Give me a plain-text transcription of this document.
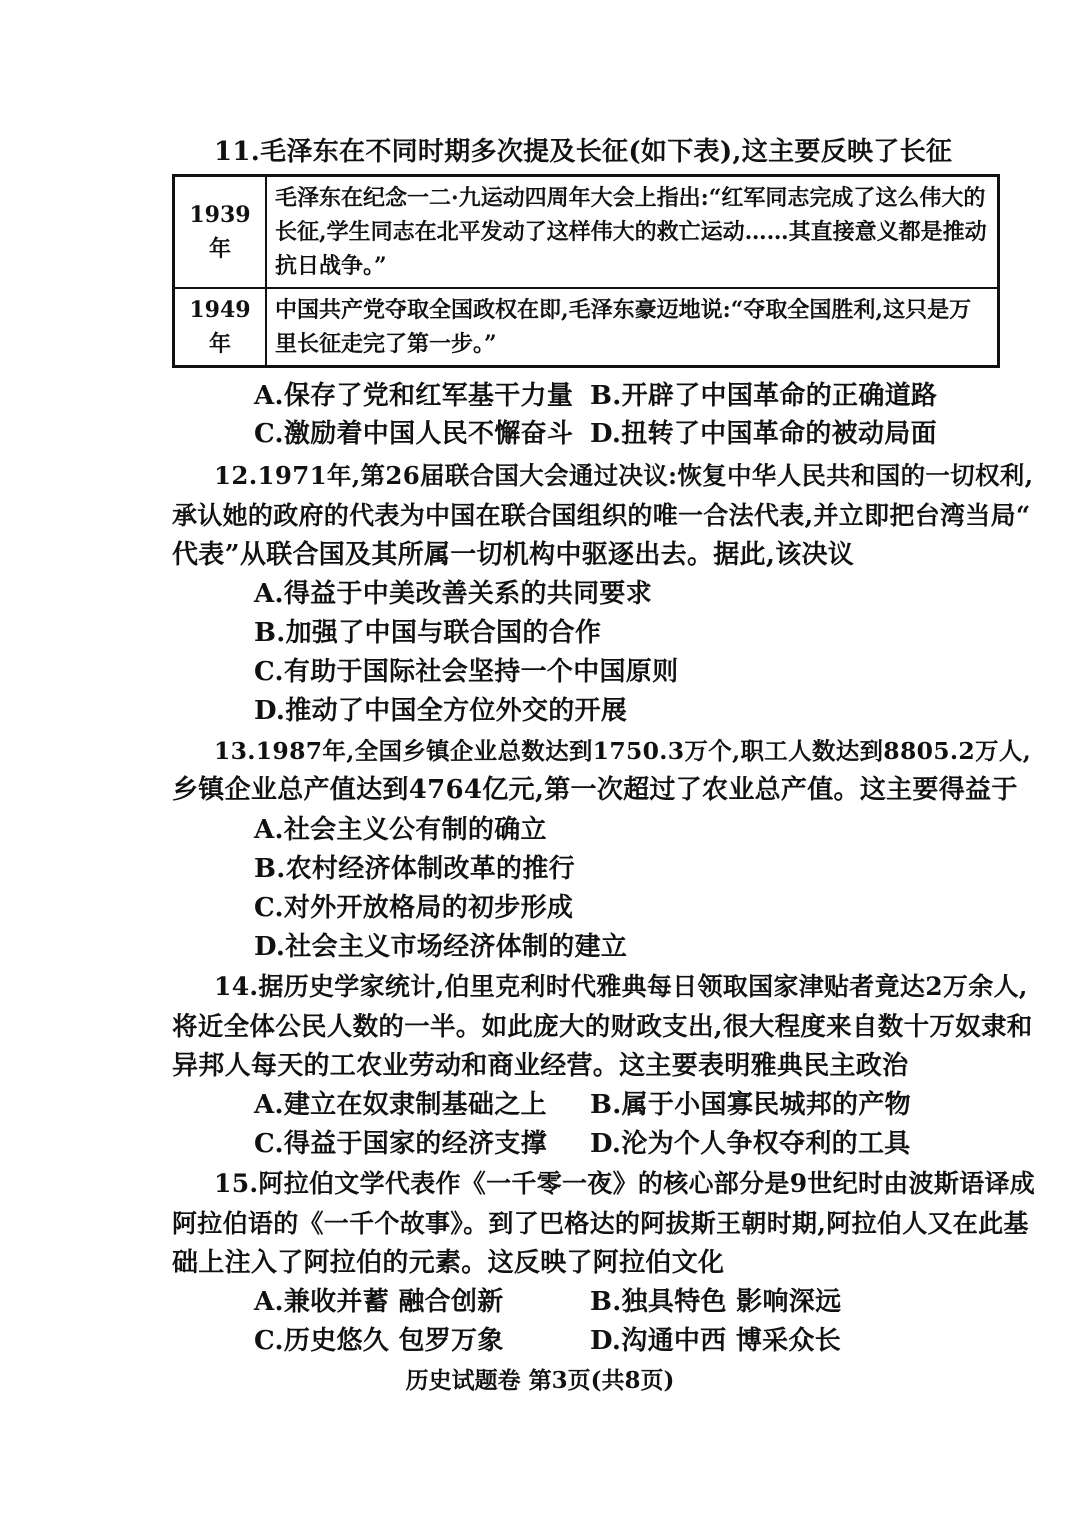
11.毛泽东在不同时期多次提及长征(如下表),这主要反映了长征
1939年	毛泽东在纪念一二·九运动四周年大会上指出:“红军同志完成了这么伟大的长征,学生同志在北平发动了这样伟大的救亡运动……其直接意义都是推动抗日战争。”
1949年	中国共产党夺取全国政权在即,毛泽东豪迈地说:“夺取全国胜利,这只是万里长征走完了第一步。”
A.保存了党和红军基干力量 B.开辟了中国革命的正确道路
C.激励着中国人民不懈奋斗 D.扭转了中国革命的被动局面
12.1971年,第26届联合国大会通过决议:恢复中华人民共和国的一切权利,
承认她的政府的代表为中国在联合国组织的唯一合法代表,并立即把台湾当局“
代表”从联合国及其所属一切机构中驱逐出去。据此,该决议
A.得益于中美改善关系的共同要求
B.加强了中国与联合国的合作
C.有助于国际社会坚持一个中国原则
D.推动了中国全方位外交的开展
13.1987年,全国乡镇企业总数达到1750.3万个,职工人数达到8805.2万人,
乡镇企业总产值达到4764亿元,第一次超过了农业总产值。这主要得益于
A.社会主义公有制的确立
B.农村经济体制改革的推行
C.对外开放格局的初步形成
D.社会主义市场经济体制的建立
14.据历史学家统计,伯里克利时代雅典每日领取国家津贴者竟达2万余人,
将近全体公民人数的一半。如此庞大的财政支出,很大程度来自数十万奴隶和
异邦人每天的工农业劳动和商业经营。这主要表明雅典民主政治
A.建立在奴隶制基础之上 B.属于小国寡民城邦的产物
C.得益于国家的经济支撑 D.沦为个人争权夺利的工具
15.阿拉伯文学代表作《一千零一夜》的核心部分是9世纪时由波斯语译成
阿拉伯语的《一千个故事》。到了巴格达的阿拔斯王朝时期,阿拉伯人又在此基
础上注入了阿拉伯的元素。这反映了阿拉伯文化
A.兼收并蓄 融合创新	B.独具特色 影响深远
C.历史悠久 包罗万象	D.沟通中西 博采众长
历史试题卷 第3页(共8页)
